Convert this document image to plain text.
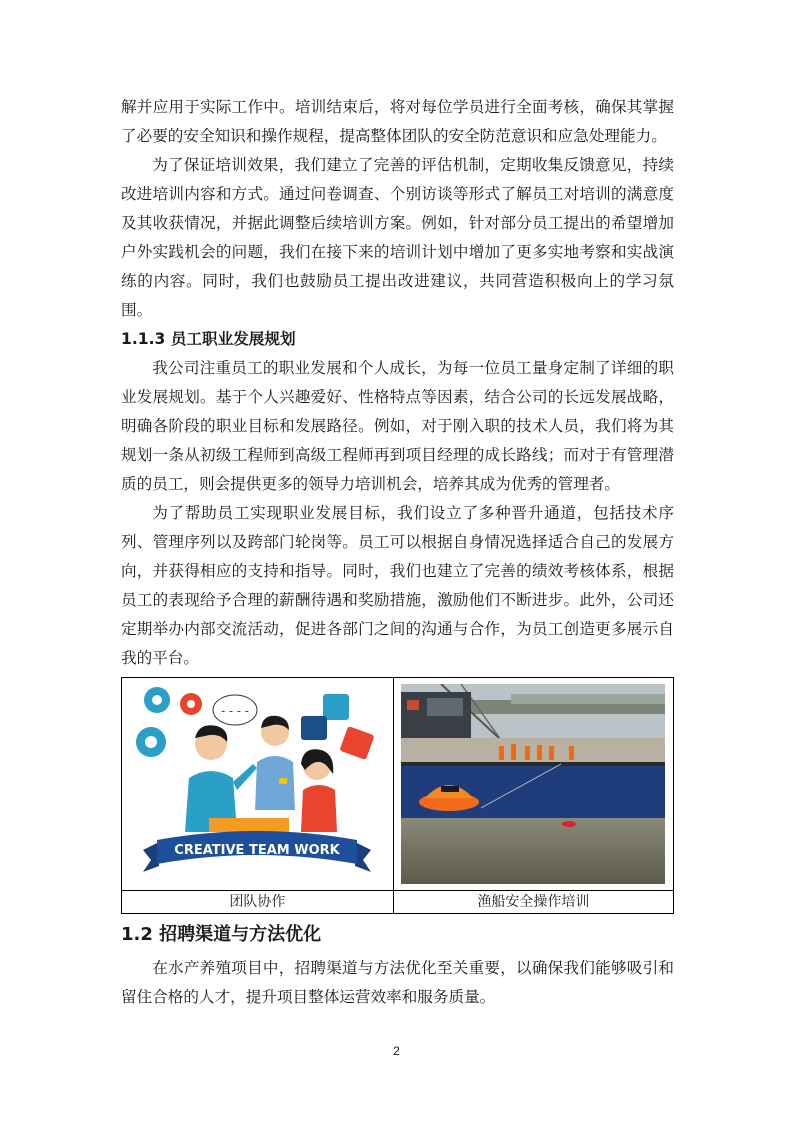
解并应用于实际工作中。培训结束后，将对每位学员进行全面考核，确保其掌握了必要的安全知识和操作规程，提高整体团队的安全防范意识和应急处理能力。

为了保证培训效果，我们建立了完善的评估机制，定期收集反馈意见，持续改进培训内容和方式。通过问卷调查、个别访谈等形式了解员工对培训的满意度及其收获情况，并据此调整后续培训方案。例如，针对部分员工提出的希望增加户外实践机会的问题，我们在接下来的培训计划中增加了更多实地考察和实战演练的内容。同时，我们也鼓励员工提出改进建议，共同营造积极向上的学习氛围。

1.1.3 员工职业发展规划

我公司注重员工的职业发展和个人成长，为每一位员工量身定制了详细的职业发展规划。基于个人兴趣爱好、性格特点等因素，结合公司的长远发展战略，明确各阶段的职业目标和发展路径。例如，对于刚入职的技术人员，我们将为其规划一条从初级工程师到高级工程师再到项目经理的成长路线；而对于有管理潜质的员工，则会提供更多的领导力培训机会，培养其成为优秀的管理者。

为了帮助员工实现职业发展目标，我们设立了多种晋升通道，包括技术序列、管理序列以及跨部门轮岗等。员工可以根据自身情况选择适合自己的发展方向，并获得相应的支持和指导。同时，我们也建立了完善的绩效考核体系，根据员工的表现给予合理的薪酬待遇和奖励措施，激励他们不断进步。此外，公司还定期举办内部交流活动，促进各部门之间的沟通与合作，为员工创造更多展示自我的平台。

- - - -
CREATIVE TEAM WORK

团队协作	渔船安全操作培训
1.2 招聘渠道与方法优化

在水产养殖项目中，招聘渠道与方法优化至关重要，以确保我们能够吸引和留住合格的人才，提升项目整体运营效率和服务质量。

2
